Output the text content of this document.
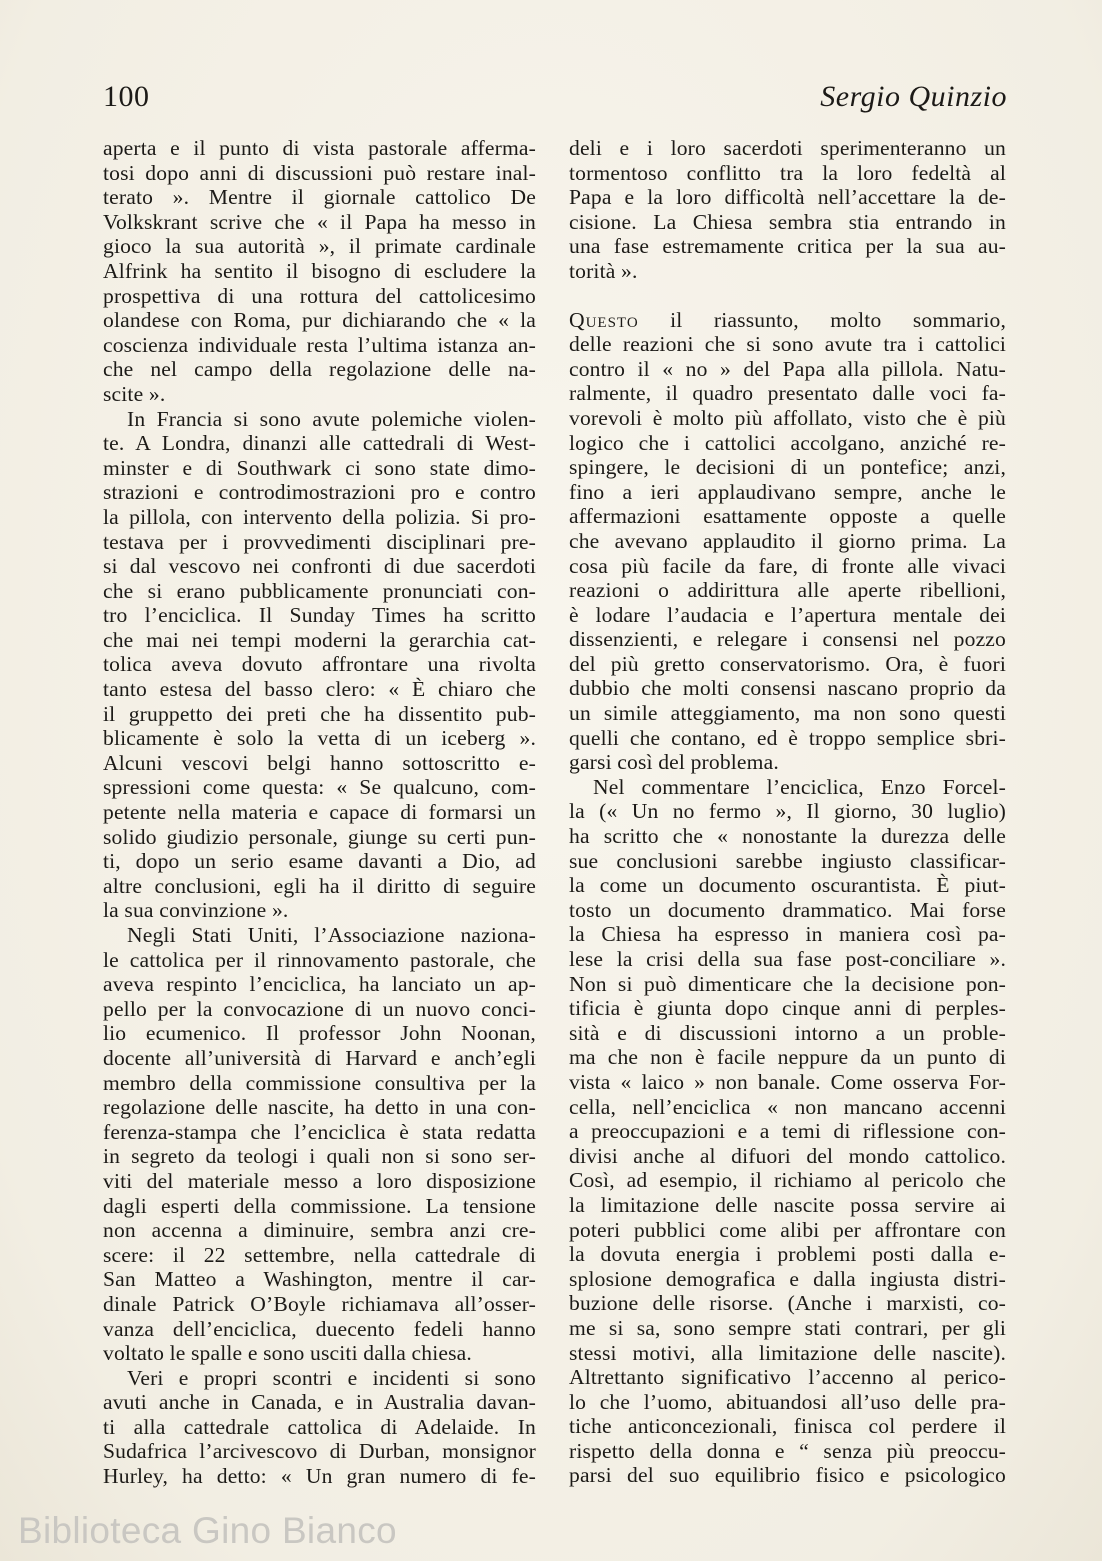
100	Sergio Quinzio
aperta e il punto di vista pastorale afferma-
tosi dopo anni di discussioni può restare inal-
terato ». Mentre il giornale cattolico De
Volkskrant scrive che « il Papa ha messo in
gioco la sua autorità », il primate cardinale
Alfrink ha sentito il bisogno di escludere la
prospettiva di una rottura del cattolicesimo
olandese con Roma, pur dichiarando che « la
coscienza individuale resta l’ultima istanza an-
che nel campo della regolazione delle na-
scite ».
In Francia si sono avute polemiche violen-
te. A Londra, dinanzi alle cattedrali di West-
minster e di Southwark ci sono state dimo-
strazioni e controdimostrazioni pro e contro
la pillola, con intervento della polizia. Si pro-
testava per i provvedimenti disciplinari pre-
si dal vescovo nei confronti di due sacerdoti
che si erano pubblicamente pronunciati con-
tro l’enciclica. Il Sunday Times ha scritto
che mai nei tempi moderni la gerarchia cat-
tolica aveva dovuto affrontare una rivolta
tanto estesa del basso clero: « È chiaro che
il gruppetto dei preti che ha dissentito pub-
blicamente è solo la vetta di un iceberg ».
Alcuni vescovi belgi hanno sottoscritto e-
spressioni come questa: « Se qualcuno, com-
petente nella materia e capace di formarsi un
solido giudizio personale, giunge su certi pun-
ti, dopo un serio esame davanti a Dio, ad
altre conclusioni, egli ha il diritto di seguire
la sua convinzione ».
Negli Stati Uniti, l’Associazione naziona-
le cattolica per il rinnovamento pastorale, che
aveva respinto l’enciclica, ha lanciato un ap-
pello per la convocazione di un nuovo conci-
lio ecumenico. Il professor John Noonan,
docente all’università di Harvard e anch’egli
membro della commissione consultiva per la
regolazione delle nascite, ha detto in una con-
ferenza-stampa che l’enciclica è stata redatta
in segreto da teologi i quali non si sono ser-
viti del materiale messo a loro disposizione
dagli esperti della commissione. La tensione
non accenna a diminuire, sembra anzi cre-
scere: il 22 settembre, nella cattedrale di
San Matteo a Washington, mentre il car-
dinale Patrick O’Boyle richiamava all’osser-
vanza dell’enciclica, duecento fedeli hanno
voltato le spalle e sono usciti dalla chiesa.
Veri e propri scontri e incidenti si sono
avuti anche in Canada, e in Australia davan-
ti alla cattedrale cattolica di Adelaide. In
Sudafrica l’arcivescovo di Durban, monsignor
Hurley, ha detto: « Un gran numero di fe-
deli e i loro sacerdoti sperimenteranno un
tormentoso conflitto tra la loro fedeltà al
Papa e la loro difficoltà nell’accettare la de-
cisione. La Chiesa sembra stia entrando in
una fase estremamente critica per la sua au-
torità ».
Questo il riassunto, molto sommario,
delle reazioni che si sono avute tra i cattolici
contro il « no » del Papa alla pillola. Natu-
ralmente, il quadro presentato dalle voci fa-
vorevoli è molto più affollato, visto che è più
logico che i cattolici accolgano, anziché re-
spingere, le decisioni di un pontefice; anzi,
fino a ieri applaudivano sempre, anche le
affermazioni esattamente opposte a quelle
che avevano applaudito il giorno prima. La
cosa più facile da fare, di fronte alle vivaci
reazioni o addirittura alle aperte ribellioni,
è lodare l’audacia e l’apertura mentale dei
dissenzienti, e relegare i consensi nel pozzo
del più gretto conservatorismo. Ora, è fuori
dubbio che molti consensi nascano proprio da
un simile atteggiamento, ma non sono questi
quelli che contano, ed è troppo semplice sbri-
garsi così del problema.
Nel commentare l’enciclica, Enzo Forcel-
la (« Un no fermo », Il giorno, 30 luglio)
ha scritto che « nonostante la durezza delle
sue conclusioni sarebbe ingiusto classificar-
la come un documento oscurantista. È piut-
tosto un documento drammatico. Mai forse
la Chiesa ha espresso in maniera così pa-
lese la crisi della sua fase post-conciliare ».
Non si può dimenticare che la decisione pon-
tificia è giunta dopo cinque anni di perples-
sità e di discussioni intorno a un proble-
ma che non è facile neppure da un punto di
vista « laico » non banale. Come osserva For-
cella, nell’enciclica « non mancano accenni
a preoccupazioni e a temi di riflessione con-
divisi anche al difuori del mondo cattolico.
Così, ad esempio, il richiamo al pericolo che
la limitazione delle nascite possa servire ai
poteri pubblici come alibi per affrontare con
la dovuta energia i problemi posti dalla e-
splosione demografica e dalla ingiusta distri-
buzione delle risorse. (Anche i marxisti, co-
me si sa, sono sempre stati contrari, per gli
stessi motivi, alla limitazione delle nascite).
Altrettanto significativo l’accenno al perico-
lo che l’uomo, abituandosi all’uso delle pra-
tiche anticoncezionali, finisca col perdere il
rispetto della donna e “ senza più preoccu-
parsi del suo equilibrio fisico e psicologico
Biblioteca Gino Bianco
